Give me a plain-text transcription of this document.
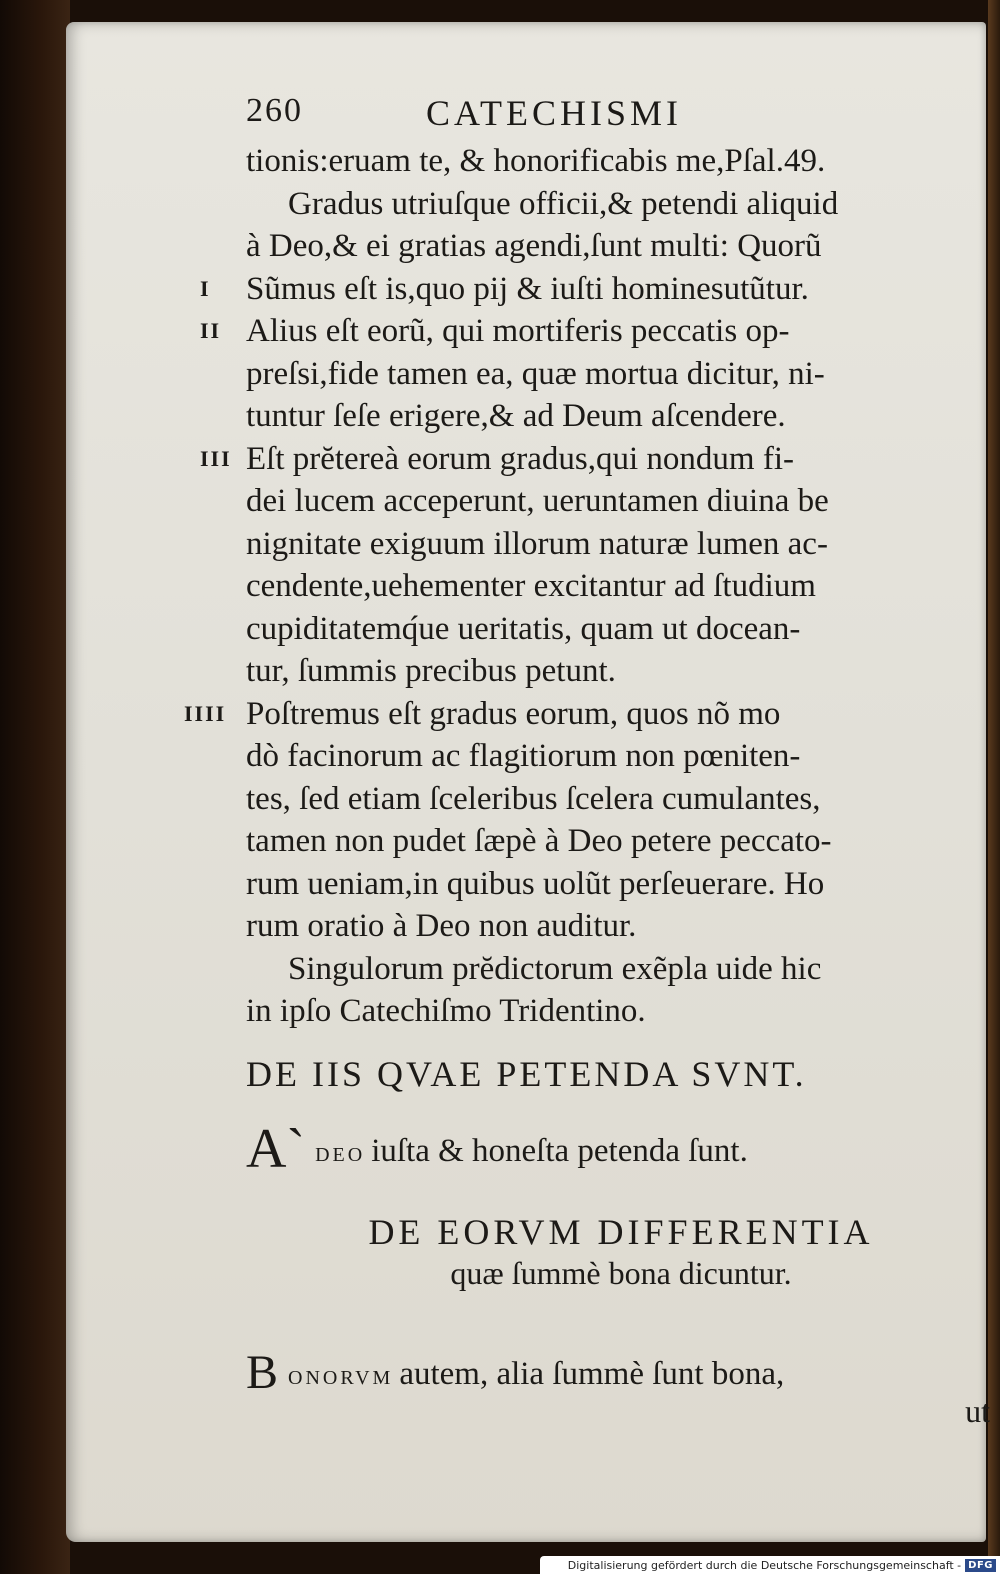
260	CATECHISMI
tionis:eruam te, & honorificabis me,Pſal.49.
Gradus utriuſque officii,& petendi aliquid
à Deo,& ei gratias agendi,ſunt multi: Quorũ
I Sũmus eſt is,quo pij & iuſti hominesutũtur.
II Alius eſt eorũ, qui mortiferis peccatis op-
preſsi,fide tamen ea, quæ mortua dicitur, ni-
tuntur ſeſe erigere,& ad Deum aſcendere.
III Eſt prĕtereà eorum gradus,qui nondum fi-
dei lucem acceperunt, ueruntamen diuina be
nignitate exiguum illorum naturæ lumen ac-
cendente,uehementer excitantur ad ſtudium
cupiditatemq́ue ueritatis, quam ut docean-
tur, ſummis precibus petunt.
IIII Poſtremus eſt gradus eorum, quos nõ mo
dò facinorum ac flagitiorum non pœniten-
tes, ſed etiam ſceleribus ſcelera cumulantes,
tamen non pudet ſæpè à Deo petere peccato-
rum ueniam,in quibus uolũt perſeuerare. Ho
rum oratio à Deo non auditur.
Singulorum prĕdictorum exẽpla uide hic
in ipſo Catechiſmo Tridentino.
DE IIS QVAE PETENDA SVNT.
A` DEO iuſta & honeſta petenda ſunt.
DE EORVM DIFFERENTIA
quæ ſummè bona dicuntur.
BONORVM autem, alia ſummè ſunt bona,
ut
Digitalisierung gefördert durch die Deutsche Forschungsgemeinschaft - DFG
